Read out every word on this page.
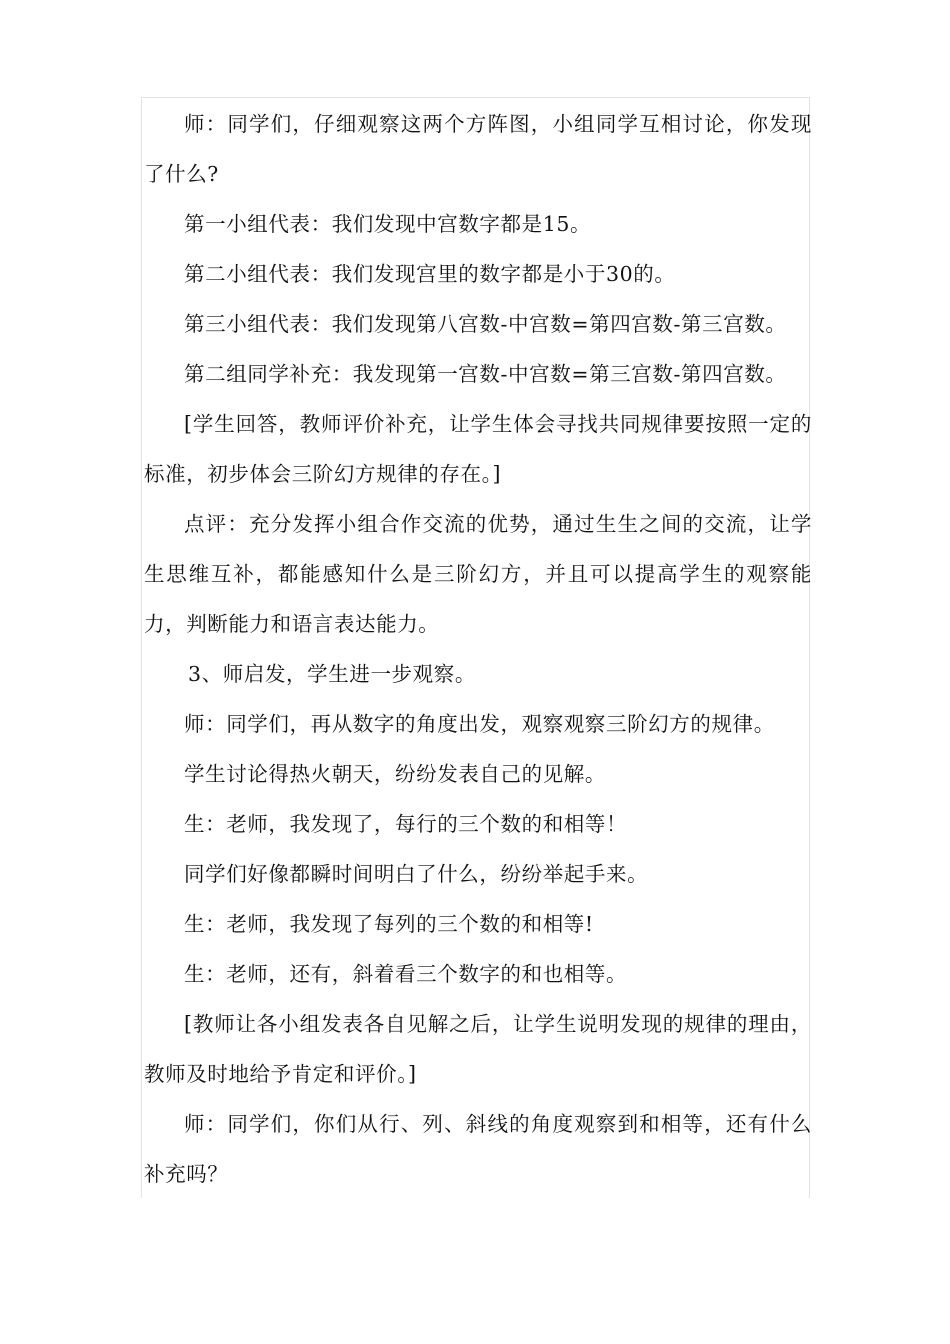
师：同学们，仔细观察这两个方阵图，小组同学互相讨论，你发现了什么?

第一小组代表：我们发现中宫数字都是15。

第二小组代表：我们发现宫里的数字都是小于30的。

第三小组代表：我们发现第八宫数-中宫数=第四宫数-第三宫数。

第二组同学补充：我发现第一宫数-中宫数=第三宫数-第四宫数。

[学生回答，教师评价补充，让学生体会寻找共同规律要按照一定的标准，初步体会三阶幻方规律的存在。]

点评：充分发挥小组合作交流的优势，通过生生之间的交流，让学生思维互补，都能感知什么是三阶幻方，并且可以提高学生的观察能力，判断能力和语言表达能力。

3、师启发，学生进一步观察。

师：同学们，再从数字的角度出发，观察观察三阶幻方的规律。

学生讨论得热火朝天，纷纷发表自己的见解。

生：老师，我发现了，每行的三个数的和相等！

同学们好像都瞬时间明白了什么，纷纷举起手来。

生：老师，我发现了每列的三个数的和相等!

生：老师，还有，斜着看三个数字的和也相等。

[教师让各小组发表各自见解之后，让学生说明发现的规律的理由，教师及时地给予肯定和评价。]

师：同学们，你们从行、列、斜线的角度观察到和相等，还有什么补充吗？
